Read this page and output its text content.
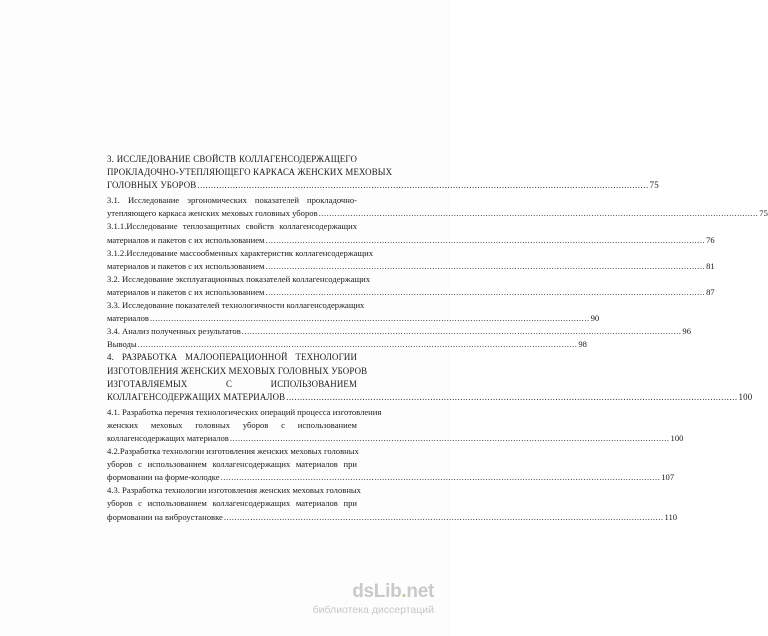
3. ИССЛЕДОВАНИЕ СВОЙСТВ КОЛЛАГЕНСОДЕРЖАЩЕГО
ПРОКЛАДОЧНО-УТЕПЛЯЮЩЕГО КАРКАСА ЖЕНСКИХ МЕХОВЫХ
ГОЛОВНЫХ УБОРОВ .....	75
3.1. Исследование эргономических показателей прокладочно-
утепляющего каркаса женских меховых головных уборов .....	75
3.1.1.Исследование теплозащитных свойств коллагенсодержащих
материалов и пакетов с их использованием .....	76
3.1.2.Исследование массообменных характеристик коллагенсодержащих
материалов и пакетов с их использованием .....	81
3.2. Исследование эксплуатационных показателей коллагенсодержащих
материалов и пакетов с их использованием .....	87
3.3. Исследование показателей технологичности коллагенсодержащих
материалов .....	90
3.4. Анализ полученных результатов .....	96
Выводы .....	98
4. РАЗРАБОТКА МАЛООПЕРАЦИОННОЙ ТЕХНОЛОГИИ
ИЗГОТОВЛЕНИЯ ЖЕНСКИХ МЕХОВЫХ ГОЛОВНЫХ УБОРОВ
ИЗГОТАВЛЯЕМЫХ С ИСПОЛЬЗОВАНИЕМ
КОЛЛАГЕНСОДЕРЖАЩИХ МАТЕРИАЛОВ .....	100
4.1. Разработка перечня технологических операций процесса изготовления
женских меховых головных уборов с использованием
коллагенсодержащих материалов .....	100
4.2.Разработка технологии изготовления женских меховых головных
уборов с использованием коллагенсодержащих материалов при
формовании на форме-колодке .....	107
4.3. Разработка технологии изготовления женских меховых головных
уборов с использованием коллагенсодержащих материалов при
формовании на виброустановке .....	110
dsLib . net
библиотека диссертаций
